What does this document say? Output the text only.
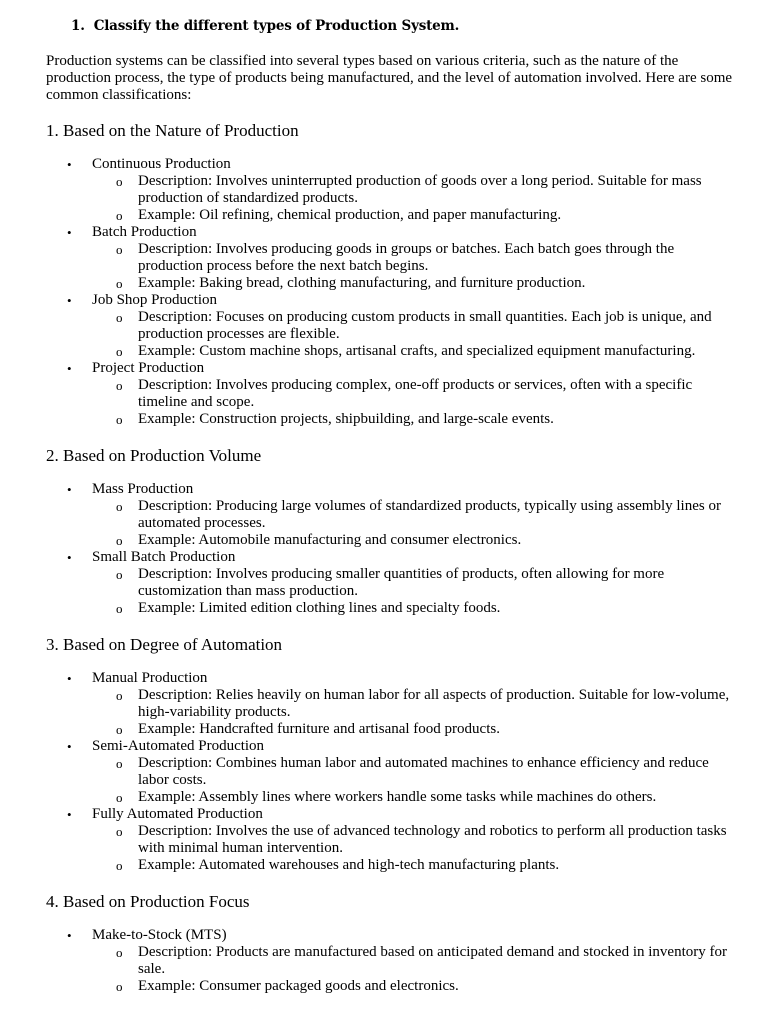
1. Classify the different types of Production System.

Production systems can be classified into several types based on various criteria, such as the nature of the production process, the type of products being manufactured, and the level of automation involved. Here are some common classifications:

1. Based on the Nature of Production
• Continuous Production
o Description: Involves uninterrupted production of goods over a long period. Suitable for mass production of standardized products.
o Example: Oil refining, chemical production, and paper manufacturing.
• Batch Production
o Description: Involves producing goods in groups or batches. Each batch goes through the production process before the next batch begins.
o Example: Baking bread, clothing manufacturing, and furniture production.
• Job Shop Production
o Description: Focuses on producing custom products in small quantities. Each job is unique, and production processes are flexible.
o Example: Custom machine shops, artisanal crafts, and specialized equipment manufacturing.
• Project Production
o Description: Involves producing complex, one-off products or services, often with a specific timeline and scope.
o Example: Construction projects, shipbuilding, and large-scale events.
2. Based on Production Volume
• Mass Production
o Description: Producing large volumes of standardized products, typically using assembly lines or automated processes.
o Example: Automobile manufacturing and consumer electronics.
• Small Batch Production
o Description: Involves producing smaller quantities of products, often allowing for more customization than mass production.
o Example: Limited edition clothing lines and specialty foods.
3. Based on Degree of Automation
• Manual Production
o Description: Relies heavily on human labor for all aspects of production. Suitable for low-volume, high-variability products.
o Example: Handcrafted furniture and artisanal food products.
• Semi-Automated Production
o Description: Combines human labor and automated machines to enhance efficiency and reduce labor costs.
o Example: Assembly lines where workers handle some tasks while machines do others.
• Fully Automated Production
o Description: Involves the use of advanced technology and robotics to perform all production tasks with minimal human intervention.
o Example: Automated warehouses and high-tech manufacturing plants.
4. Based on Production Focus
• Make-to-Stock (MTS)
o Description: Products are manufactured based on anticipated demand and stocked in inventory for sale.
o Example: Consumer packaged goods and electronics.
